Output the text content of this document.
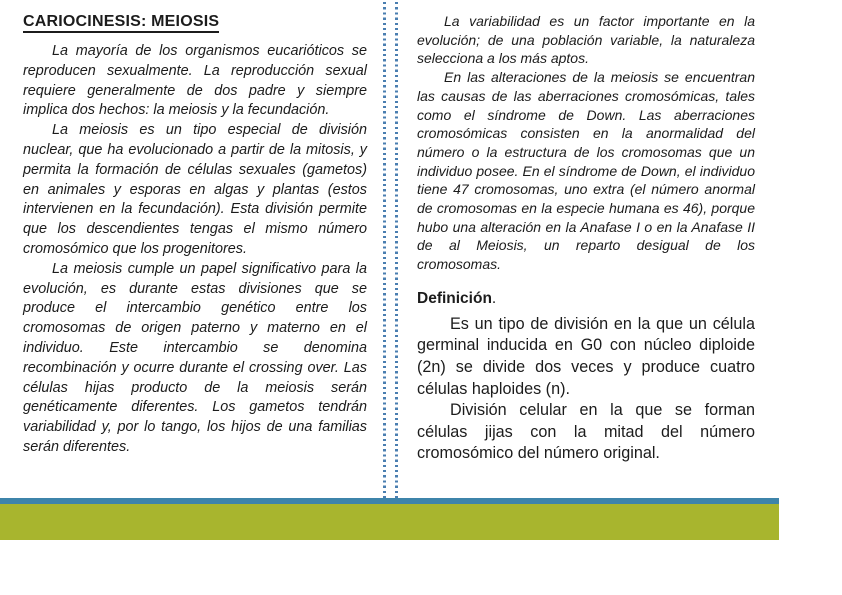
CARIOCINESIS: MEIOSIS

La mayoría de los organismos eucarióticos se reproducen sexualmente. La reproducción sexual requiere generalmente de dos padre y siempre implica dos hechos: la meiosis y la fecundación.

La meiosis es un tipo especial de división nuclear, que ha evolucionado a partir de la mitosis, y permita la formación de células sexuales (gametos) en animales y esporas en algas y plantas (estos intervienen en la fecundación). Esta división permite que los descendientes tengas el mismo número cromosómico que los progenitores.

La meiosis cumple un papel significativo para la evolución, es durante estas divisiones que se produce el intercambio genético entre los cromosomas de origen paterno y materno en el individuo. Este intercambio se denomina recombinación y ocurre durante el crossing over. Las células hijas producto de la meiosis serán genéticamente diferentes. Los gametos tendrán variabilidad y, por lo tango, los hijos de una familias serán diferentes.

La variabilidad es un factor importante en la evolución; de una población variable, la naturaleza selecciona a los más aptos.

En las alteraciones de la meiosis se encuentran las causas de las aberraciones cromosómicas, tales como el síndrome de Down. Las aberraciones cromosómicas consisten en la anormalidad del número o la estructura de los cromosomas que un individuo posee. En el síndrome de Down, el individuo tiene 47 cromosomas, uno extra (el número anormal de cromosomas en la especie humana es 46), porque hubo una alteración en la Anafase I o en la Anafase II de al Meiosis, un reparto desigual de los cromosomas.

Definición.

Es un tipo de división en la que un célula germinal inducida en G0 con núcleo diploide (2n) se divide dos veces y produce cuatro células haploides (n).

División celular en la que se forman células jijas con la mitad del número cromosómico del número original.
